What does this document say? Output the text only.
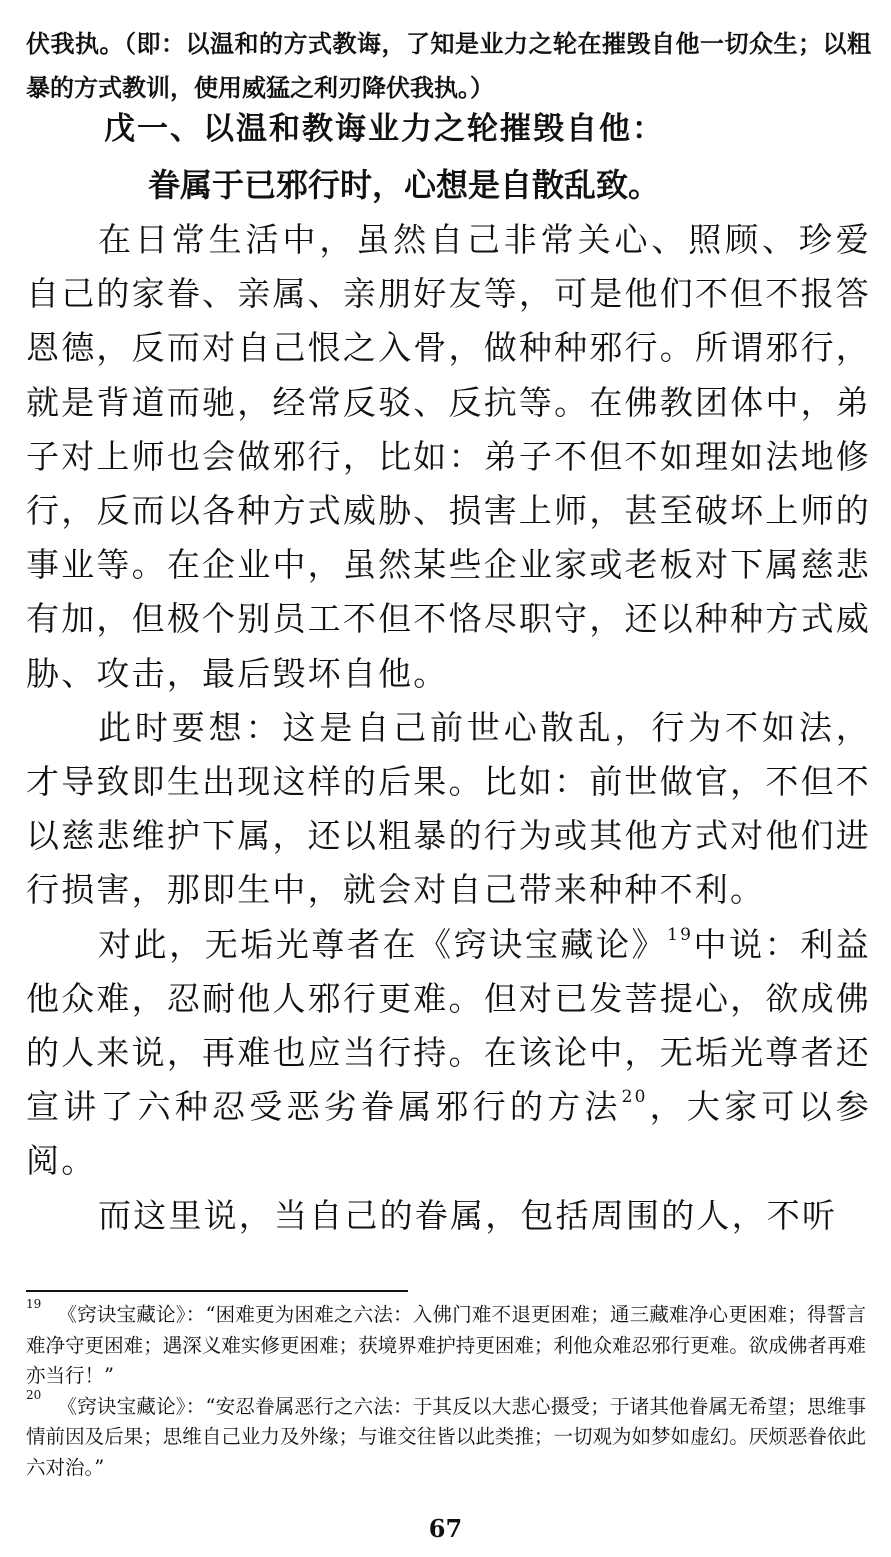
伏我执。（即：以温和的方式教诲，了知是业力之轮在摧毁自他一切众生；以粗暴的方式教训，使用威猛之利刃降伏我执。）
戊一、以温和教诲业力之轮摧毁自他：
眷属于已邪行时，心想是自散乱致。

在日常生活中，虽然自己非常关心、照顾、珍爱自己的家眷、亲属、亲朋好友等，可是他们不但不报答恩德，反而对自己恨之入骨，做种种邪行。所谓邪行，就是背道而驰，经常反驳、反抗等。在佛教团体中，弟子对上师也会做邪行，比如：弟子不但不如理如法地修行，反而以各种方式威胁、损害上师，甚至破坏上师的事业等。在企业中，虽然某些企业家或老板对下属慈悲有加，但极个别员工不但不恪尽职守，还以种种方式威胁、攻击，最后毁坏自他。

此时要想：这是自己前世心散乱，行为不如法，才导致即生出现这样的后果。比如：前世做官，不但不以慈悲维护下属，还以粗暴的行为或其他方式对他们进行损害，那即生中，就会对自己带来种种不利。

对此，无垢光尊者在《窍诀宝藏论》$^{19}$中说：利益他众难，忍耐他人邪行更难。但对已发菩提心，欲成佛的人来说，再难也应当行持。在该论中，无垢光尊者还宣讲了六种忍受恶劣眷属邪行的方法$^{20}$，大家可以参阅。

而这里说，当自己的眷属，包括周围的人，不听

$^{19}$ 《窍诀宝藏论》：“困难更为困难之六法：入佛门难不退更困难；通三藏难净心更困难；得誓言难净守更困难；遇深义难实修更困难；获境界难护持更困难；利他众难忍邪行更难。欲成佛者再难亦当行！”

$^{20}$ 《窍诀宝藏论》：“安忍眷属恶行之六法：于其反以大悲心摄受；于诸其他眷属无希望；思维事情前因及后果；思维自己业力及外缘；与谁交往皆以此类推；一切观为如梦如虚幻。厌烦恶眷依此六对治。”

67
